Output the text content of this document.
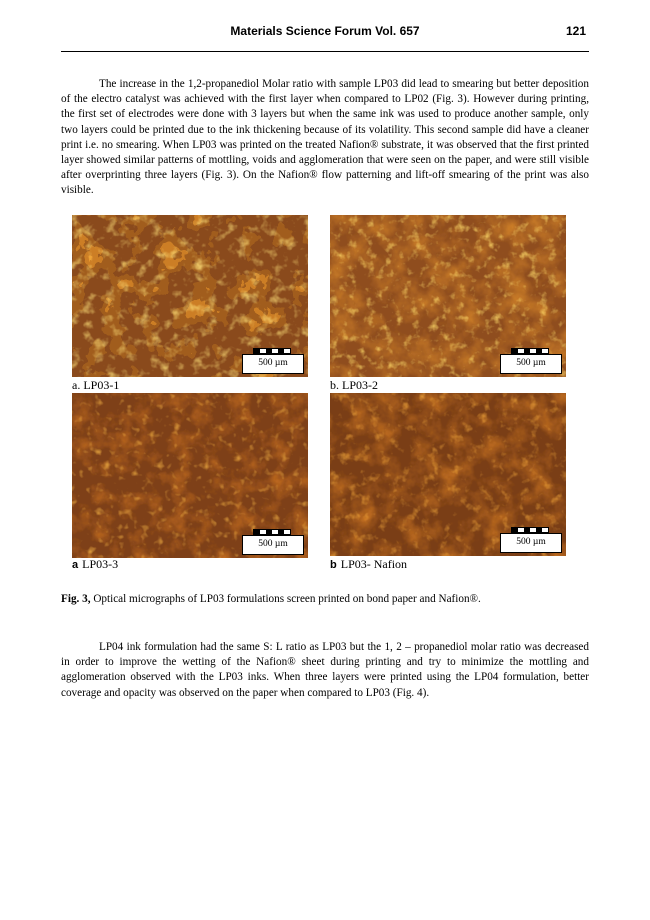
Materials Science Forum Vol. 657	121

The increase in the 1,2-propanediol Molar ratio with sample LP03 did lead to smearing but better deposition of the electro catalyst was achieved with the first layer when compared to LP02 (Fig. 3). However during printing, the first set of electrodes were done with 3 layers but when the same ink was used to produce another sample, only two layers could be printed due to the ink thickening because of its volatility. This second sample did have a cleaner print i.e. no smearing. When LP03 was printed on the treated Nafion® substrate, it was observed that the first printed layer showed similar patterns of mottling, voids and agglomeration that were seen on the paper, and were still visible after overprinting three layers (Fig. 3). On the Nafion® flow patterning and lift-off smearing of the print was also visible.

500 µm	500 µm
a. LP03-1	b. LP03-2
500 µm	500 µm
a LP03-3	b LP03- Nafion
Fig. 3, Optical micrographs of LP03 formulations screen printed on bond paper and Nafion®.

LP04 ink formulation had the same S: L ratio as LP03 but the 1, 2 – propanediol molar ratio was decreased in order to improve the wetting of the Nafion® sheet during printing and try to minimize the mottling and agglomeration observed with the LP03 inks. When three layers were printed using the LP04 formulation, better coverage and opacity was observed on the paper when compared to LP03 (Fig. 4).
